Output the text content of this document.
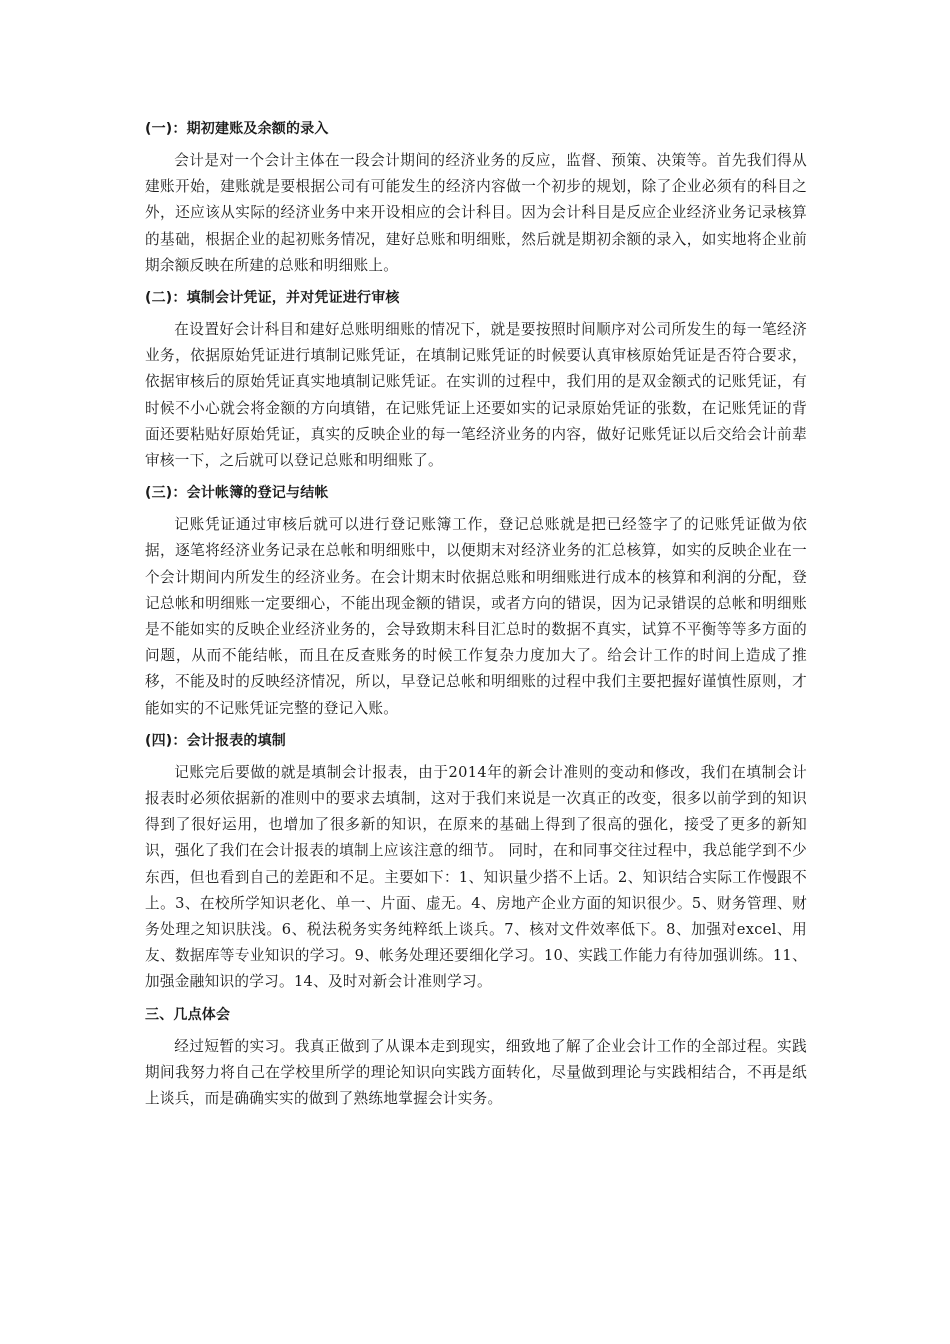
(一)：期初建账及余额的录入

会计是对一个会计主体在一段会计期间的经济业务的反应，监督、预策、决策等。首先我们得从建账开始，建账就是要根据公司有可能发生的经济内容做一个初步的规划，除了企业必须有的科目之外，还应该从实际的经济业务中来开设相应的会计科目。因为会计科目是反应企业经济业务记录核算的基础，根据企业的起初账务情况，建好总账和明细账，然后就是期初余额的录入，如实地将企业前期余额反映在所建的总账和明细账上。

(二)：填制会计凭证，并对凭证进行审核

在设置好会计科目和建好总账明细账的情况下，就是要按照时间顺序对公司所发生的每一笔经济业务，依据原始凭证进行填制记账凭证，在填制记账凭证的时候要认真审核原始凭证是否符合要求，依据审核后的原始凭证真实地填制记账凭证。在实训的过程中，我们用的是双金额式的记账凭证，有时候不小心就会将金额的方向填错，在记账凭证上还要如实的记录原始凭证的张数，在记账凭证的背面还要粘贴好原始凭证，真实的反映企业的每一笔经济业务的内容，做好记账凭证以后交给会计前辈审核一下，之后就可以登记总账和明细账了。

(三)：会计帐簿的登记与结帐

记账凭证通过审核后就可以进行登记账簿工作，登记总账就是把已经签字了的记账凭证做为依据，逐笔将经济业务记录在总帐和明细账中，以便期末对经济业务的汇总核算，如实的反映企业在一个会计期间内所发生的经济业务。在会计期末时依据总账和明细账进行成本的核算和利润的分配，登记总帐和明细账一定要细心，不能出现金额的错误，或者方向的错误，因为记录错误的总帐和明细账是不能如实的反映企业经济业务的，会导致期末科目汇总时的数据不真实，试算不平衡等等多方面的问题，从而不能结帐，而且在反查账务的时候工作复杂力度加大了。给会计工作的时间上造成了推移，不能及时的反映经济情况，所以，早登记总帐和明细账的过程中我们主要把握好谨慎性原则，才能如实的不记账凭证完整的登记入账。

(四)：会计报表的填制

记账完后要做的就是填制会计报表，由于2014年的新会计准则的变动和修改，我们在填制会计报表时必须依据新的准则中的要求去填制，这对于我们来说是一次真正的改变，很多以前学到的知识得到了很好运用，也增加了很多新的知识，在原来的基础上得到了很高的强化，接受了更多的新知识，强化了我们在会计报表的填制上应该注意的细节。 同时，在和同事交往过程中，我总能学到不少东西，但也看到自己的差距和不足。主要如下：1、知识量少搭不上话。2、知识结合实际工作慢跟不上。3、在校所学知识老化、单一、片面、虚无。4、房地产企业方面的知识很少。5、财务管理、财务处理之知识肤浅。6、税法税务实务纯粹纸上谈兵。7、核对文件效率低下。8、加强对excel、用友、数据库等专业知识的学习。9、帐务处理还要细化学习。10、实践工作能力有待加强训练。11、加强金融知识的学习。14、及时对新会计准则学习。

三、几点体会

经过短暂的实习。我真正做到了从课本走到现实，细致地了解了企业会计工作的全部过程。实践期间我努力将自己在学校里所学的理论知识向实践方面转化，尽量做到理论与实践相结合，不再是纸上谈兵，而是确确实实的做到了熟练地掌握会计实务。
